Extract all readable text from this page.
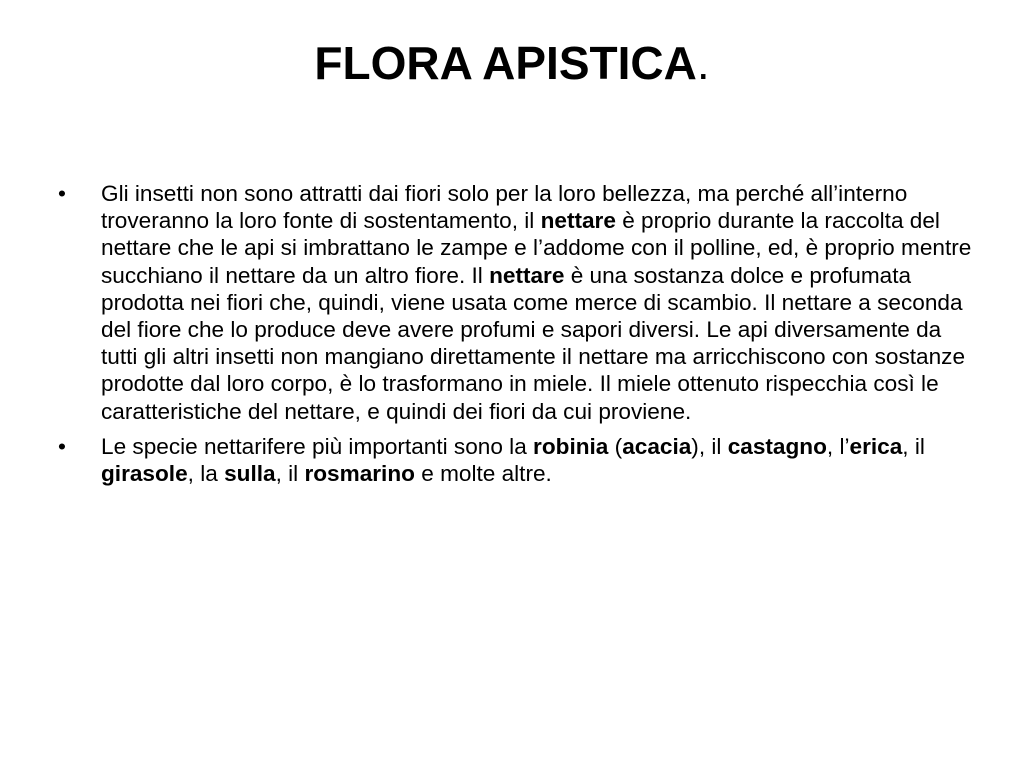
FLORA APISTICA.
•	Gli insetti non sono attratti dai fiori solo per la loro bellezza, ma perché all’interno troveranno la loro fonte di sostentamento, il nettare è proprio durante la raccolta del nettare che le api si imbrattano le zampe e l’addome con il polline, ed, è proprio mentre succhiano il nettare da un altro fiore. Il nettare è una sostanza dolce e profumata prodotta nei fiori che, quindi, viene usata come merce di scambio. Il nettare a seconda del fiore che lo produce deve avere profumi e sapori diversi. Le api diversamente da tutti gli altri insetti non mangiano direttamente il nettare ma arricchiscono con sostanze prodotte dal loro corpo, è lo trasformano in miele. Il miele ottenuto rispecchia così le caratteristiche del nettare, e quindi dei fiori da cui proviene.
•	Le specie nettarifere più importanti sono la robinia (acacia), il castagno, l’erica, il girasole, la sulla, il rosmarino e molte altre.
